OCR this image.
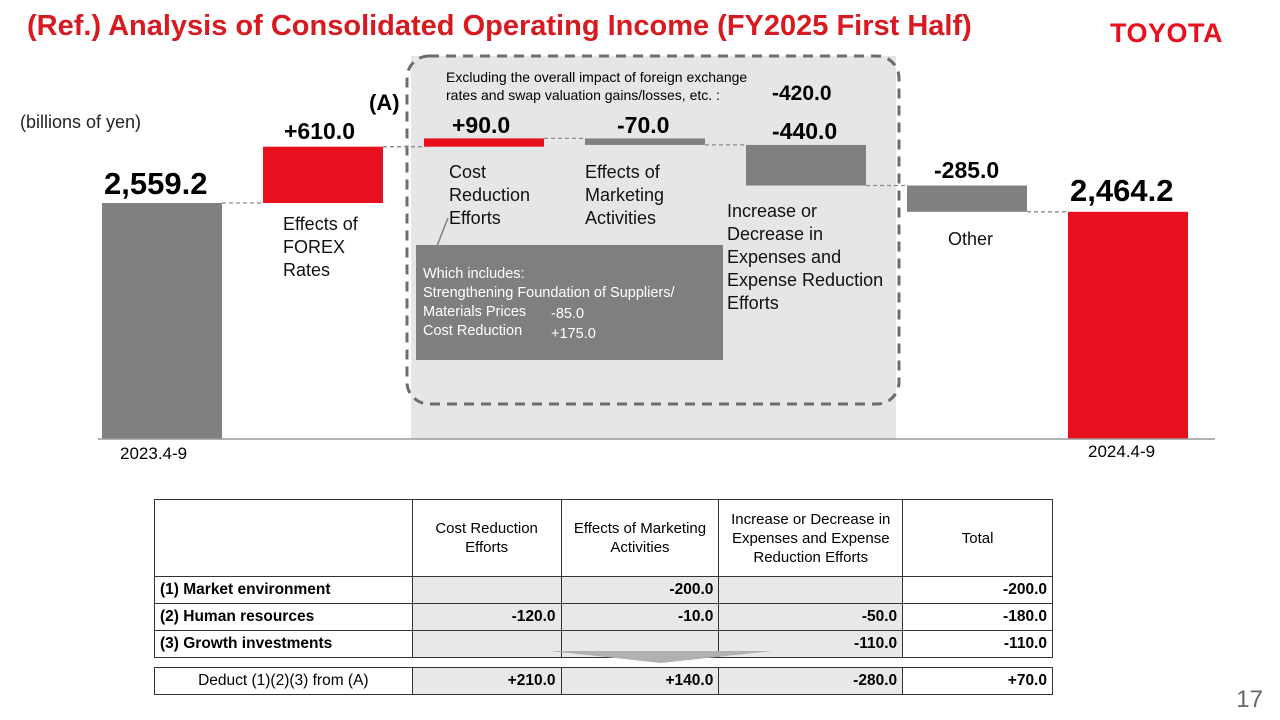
(Ref.) Analysis of Consolidated Operating Income (FY2025 First Half)	TOYOTA
(billions of yen)
2,559.2
+610.0	+90.0	-70.0	-440.0
-285.0
2,464.2
(A)
Excluding the overall impact of foreign exchange
rates and swap valuation gains/losses, etc. :	-420.0
Effects of FOREX Rates
Cost Reduction Efforts
Effects of Marketing Activities	Increase or Decrease in Expenses and Expense Reduction Efforts
Other
2023.4-9	2024.4-9
Which includes:
Strengthening Foundation of Suppliers/
Materials Prices -85.0
Cost Reduction +175.0
	Cost Reduction Efforts	Effects of Marketing Activities	Increase or Decrease in Expenses and Expense Reduction Efforts	Total
(1) Market environment		-200.0		-200.0
(2) Human resources	-120.0	-10.0	-50.0	-180.0
(3) Growth investments			-110.0	-110.0
Deduct (1)(2)(3) from (A)	+210.0	+140.0	-280.0	+70.0
17
